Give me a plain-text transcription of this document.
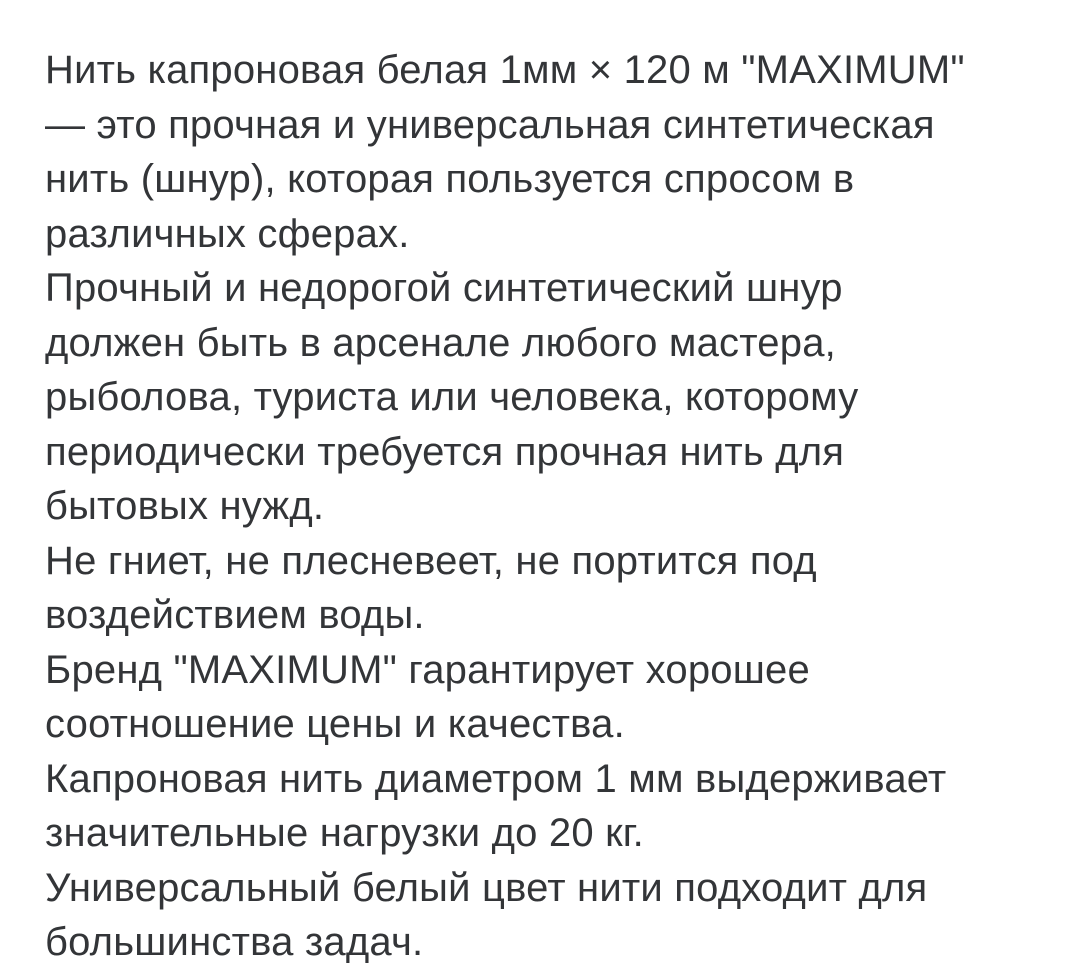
Нить капроновая белая 1мм × 120 м "MAXIMUM"
— это прочная и универсальная синтетическая
нить (шнур), которая пользуется спросом в
различных сферах.

Прочный и недорогой синтетический шнур
должен быть в арсенале любого мастера,
рыболова, туриста или человека, которому
периодически требуется прочная нить для
бытовых нужд.

Не гниет, не плесневеет, не портится под
воздействием воды.

Бренд "MAXIMUM" гарантирует хорошее
соотношение цены и качества.

Капроновая нить диаметром 1 мм выдерживает
значительные нагрузки до 20 кг.

Универсальный белый цвет нити подходит для
большинства задач.
